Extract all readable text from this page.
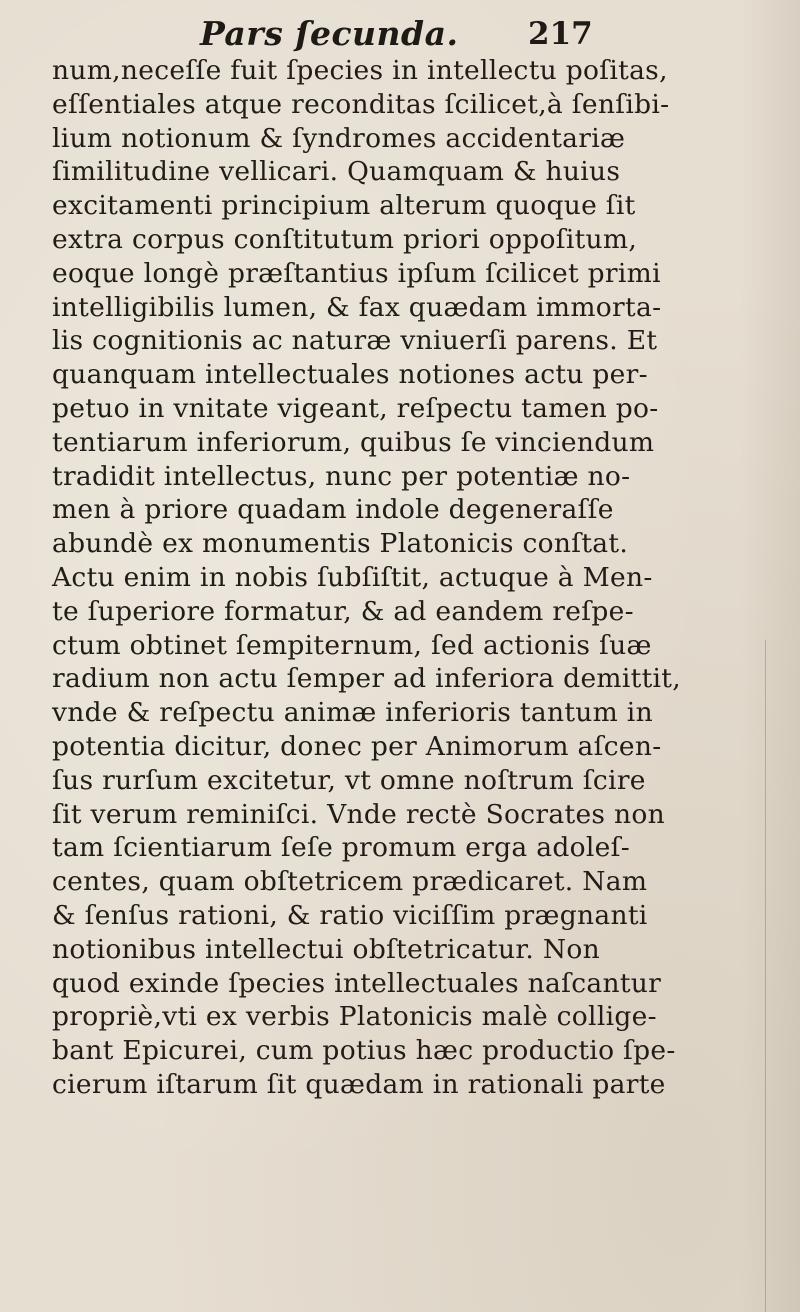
Pars ſecunda. 217
num,neceſſe fuit ſpecies in intellectu poſitas,
eſſentiales atque reconditas ſcilicet,à ſenſibi-
lium notionum & ſyndromes accidentariæ
ſimilitudine vellicari. Quamquam & huius
excitamenti principium alterum quoque ſit
extra corpus conſtitutum priori oppoſitum,
eoque longè præſtantius ipſum ſcilicet primi
intelligibilis lumen, & fax quædam immorta-
lis cognitionis ac naturæ vniuerſi parens. Et
quanquam intellectuales notiones actu per-
petuo in vnitate vigeant, reſpectu tamen po-
tentiarum inferiorum, quibus ſe vinciendum
tradidit intellectus, nunc per potentiæ no-
men à priore quadam indole degeneraſſe
abundè ex monumentis Platonicis conſtat.
Actu enim in nobis ſubſiſtit, actuque à Men-
te ſuperiore formatur, & ad eandem reſpe-
ctum obtinet ſempiternum, ſed actionis ſuæ
radium non actu ſemper ad inferiora demittit,
vnde & reſpectu animæ inferioris tantum in
potentia dicitur, donec per Animorum aſcen-
ſus rurſum excitetur, vt omne noſtrum ſcire
ſit verum reminiſci. Vnde rectè Socrates non
tam ſcientiarum ſeſe promum erga adoleſ-
centes, quam obſtetricem prædicaret. Nam
& ſenſus rationi, & ratio viciſſim prægnanti
notionibus intellectui obſtetricatur. Non
quod exinde ſpecies intellectuales naſcantur
propriè,vti ex verbis Platonicis malè collige-
bant Epicurei, cum potius hæc productio ſpe-
cierum iſtarum ſit quædam in rationali parte
